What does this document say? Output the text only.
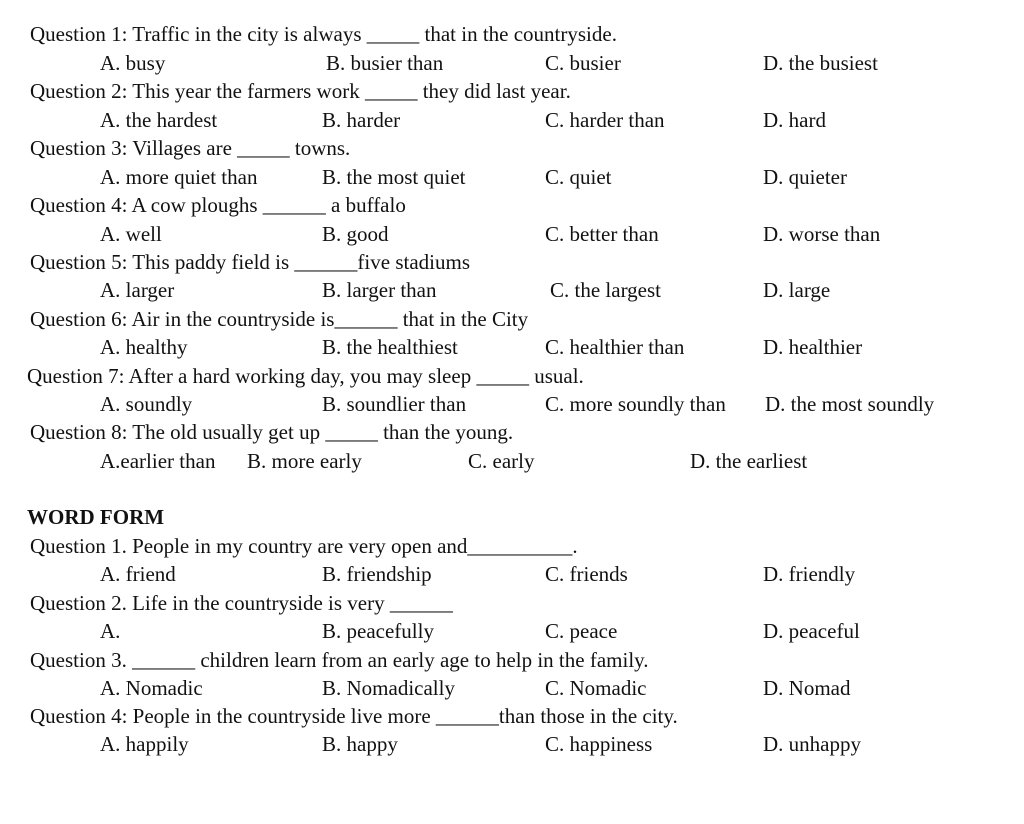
Question 1: Traffic in the city is always _____ that in the countryside.
A. busy	B. busier than	C. busier	D. the busiest
Question 2: This year the farmers work _____ they did last year.
A. the hardest	B. harder	C. harder than	D. hard
Question 3: Villages are _____ towns.
A. more quiet than	B. the most quiet	C. quiet	D. quieter
Question 4: A cow ploughs ______ a buffalo
A. well	B. good	C. better than	D. worse than
Question 5: This paddy field is ______five stadiums
A. larger	B. larger than	C. the largest	D. large
Question 6: Air in the countryside is______ that in the City
A. healthy	B. the healthiest	C. healthier than	D. healthier
Question 7: After a hard working day, you may sleep _____ usual.
A. soundly	B. soundlier than	C. more soundly than D. the most soundly
Question 8: The old usually get up _____ than the young.
A.earlier than B. more early	C. early	D. the earliest
WORD FORM
Question 1. People in my country are very open and__________.
A. friend	B. friendship	C. friends	D. friendly
Question 2. Life in the countryside is very ______
A.	B. peacefully	C. peace	D. peaceful
Question 3. ______ children learn from an early age to help in the family.
A. Nomadic	B. Nomadically	C. Nomadic	D. Nomad
Question 4: People in the countryside live more ______than those in the city.
A. happily	B. happy	C. happiness	D. unhappy
